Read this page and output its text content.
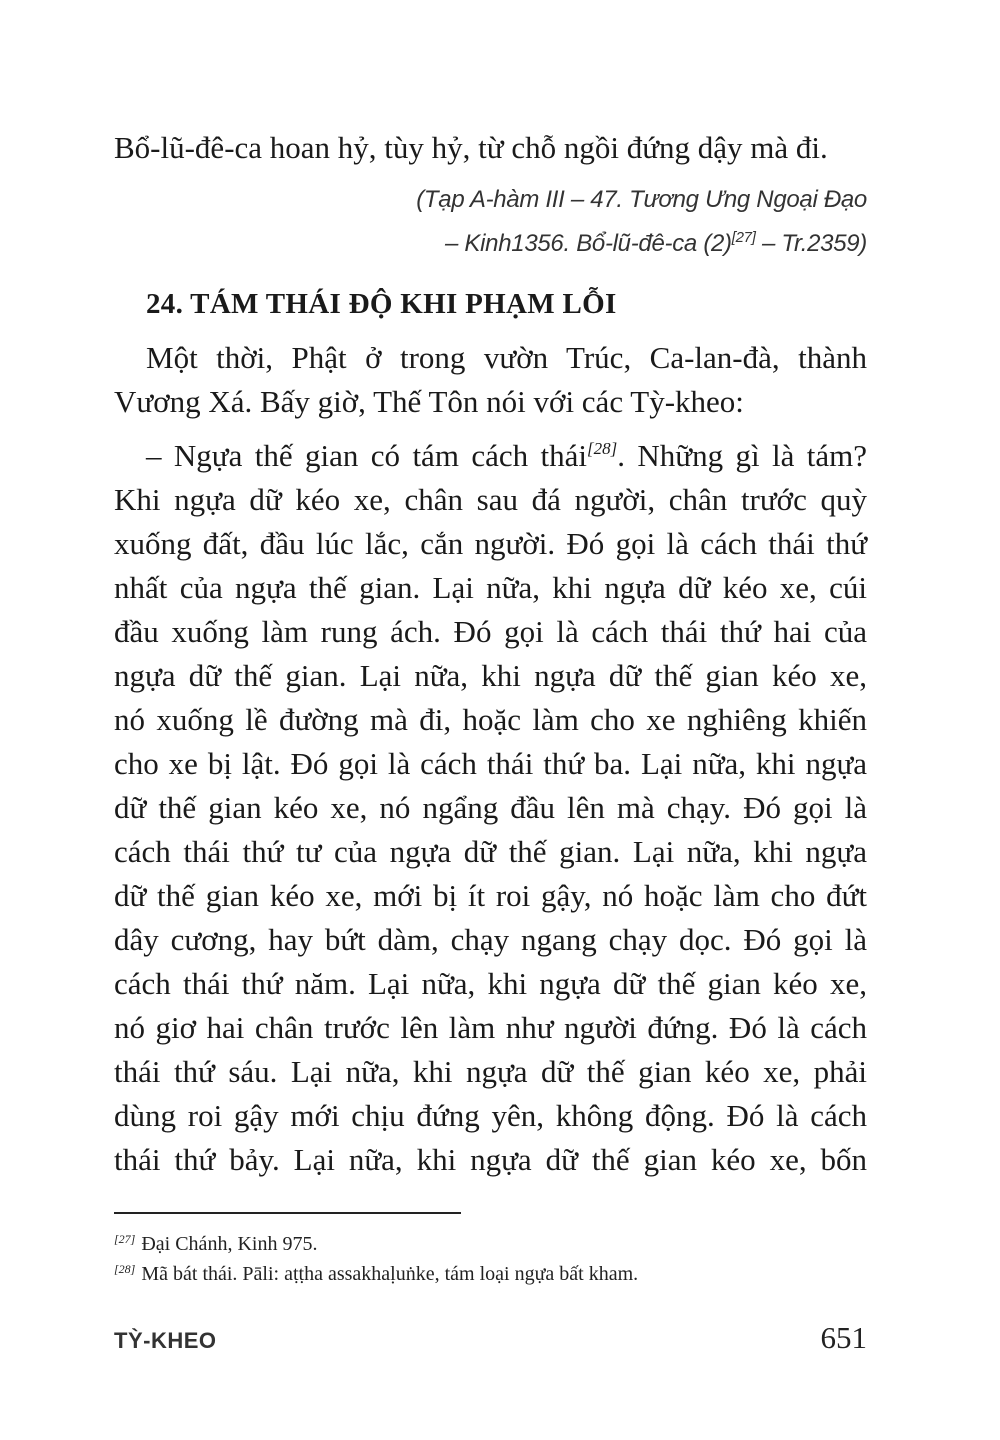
Bổ-lũ-đê-ca hoan hỷ, tùy hỷ, từ chỗ ngồi đứng dậy mà đi.
(Tạp A-hàm III – 47. Tương Ưng Ngoại Đạo
– Kinh1356. Bổ-lũ-đê-ca (2)[27] – Tr.2359)
24. TÁM THÁI ĐỘ KHI PHẠM LỖI
Một thời, Phật ở trong vườn Trúc, Ca-lan-đà, thành
Vương Xá. Bấy giờ, Thế Tôn nói với các Tỳ-kheo:
– Ngựa thế gian có tám cách thái[28]. Những gì là tám?
Khi ngựa dữ kéo xe, chân sau đá người, chân trước quỳ
xuống đất, đầu lúc lắc, cắn người. Đó gọi là cách thái thứ
nhất của ngựa thế gian. Lại nữa, khi ngựa dữ kéo xe, cúi
đầu xuống làm rung ách. Đó gọi là cách thái thứ hai của
ngựa dữ thế gian. Lại nữa, khi ngựa dữ thế gian kéo xe,
nó xuống lề đường mà đi, hoặc làm cho xe nghiêng khiến
cho xe bị lật. Đó gọi là cách thái thứ ba. Lại nữa, khi ngựa
dữ thế gian kéo xe, nó ngẩng đầu lên mà chạy. Đó gọi là
cách thái thứ tư của ngựa dữ thế gian. Lại nữa, khi ngựa
dữ thế gian kéo xe, mới bị ít roi gậy, nó hoặc làm cho đứt
dây cương, hay bứt dàm, chạy ngang chạy dọc. Đó gọi là
cách thái thứ năm. Lại nữa, khi ngựa dữ thế gian kéo xe,
nó giơ hai chân trước lên làm như người đứng. Đó là cách
thái thứ sáu. Lại nữa, khi ngựa dữ thế gian kéo xe, phải
dùng roi gậy mới chịu đứng yên, không động. Đó là cách
thái thứ bảy. Lại nữa, khi ngựa dữ thế gian kéo xe, bốn
[27] Đại Chánh, Kinh 975.
[28] Mã bát thái. Pāli: aṭṭha assakhaḷuṅke, tám loại ngựa bất kham.
TỲ-KHEO	651
